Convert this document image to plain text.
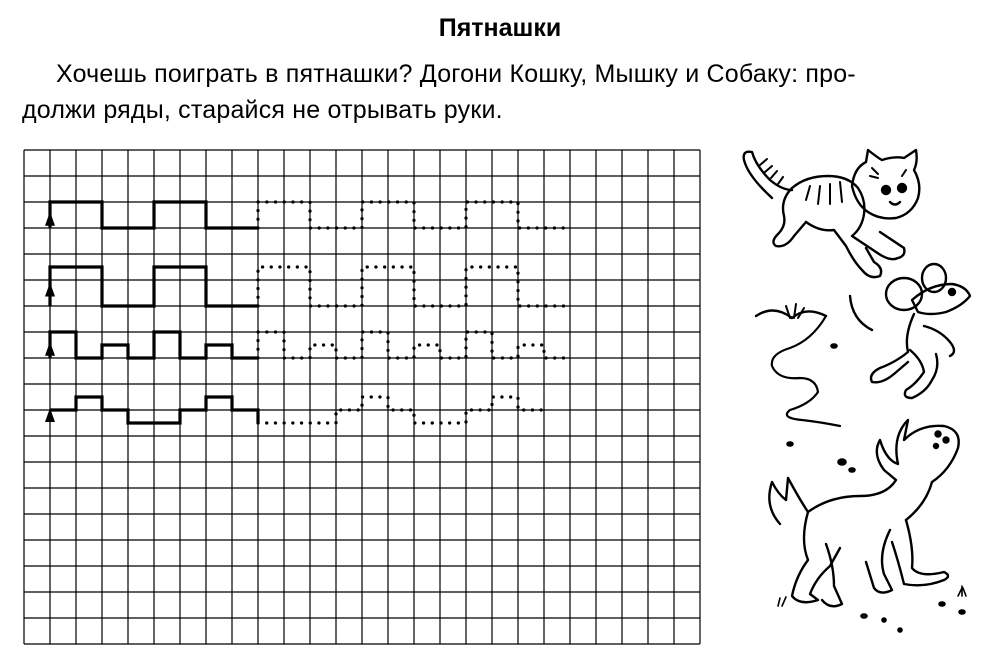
Пятнашки
Хочешь поиграть в пятнашки? Догони Кошку, Мышку и Собаку: про-
должи ряды, старайся не отрывать руки.
